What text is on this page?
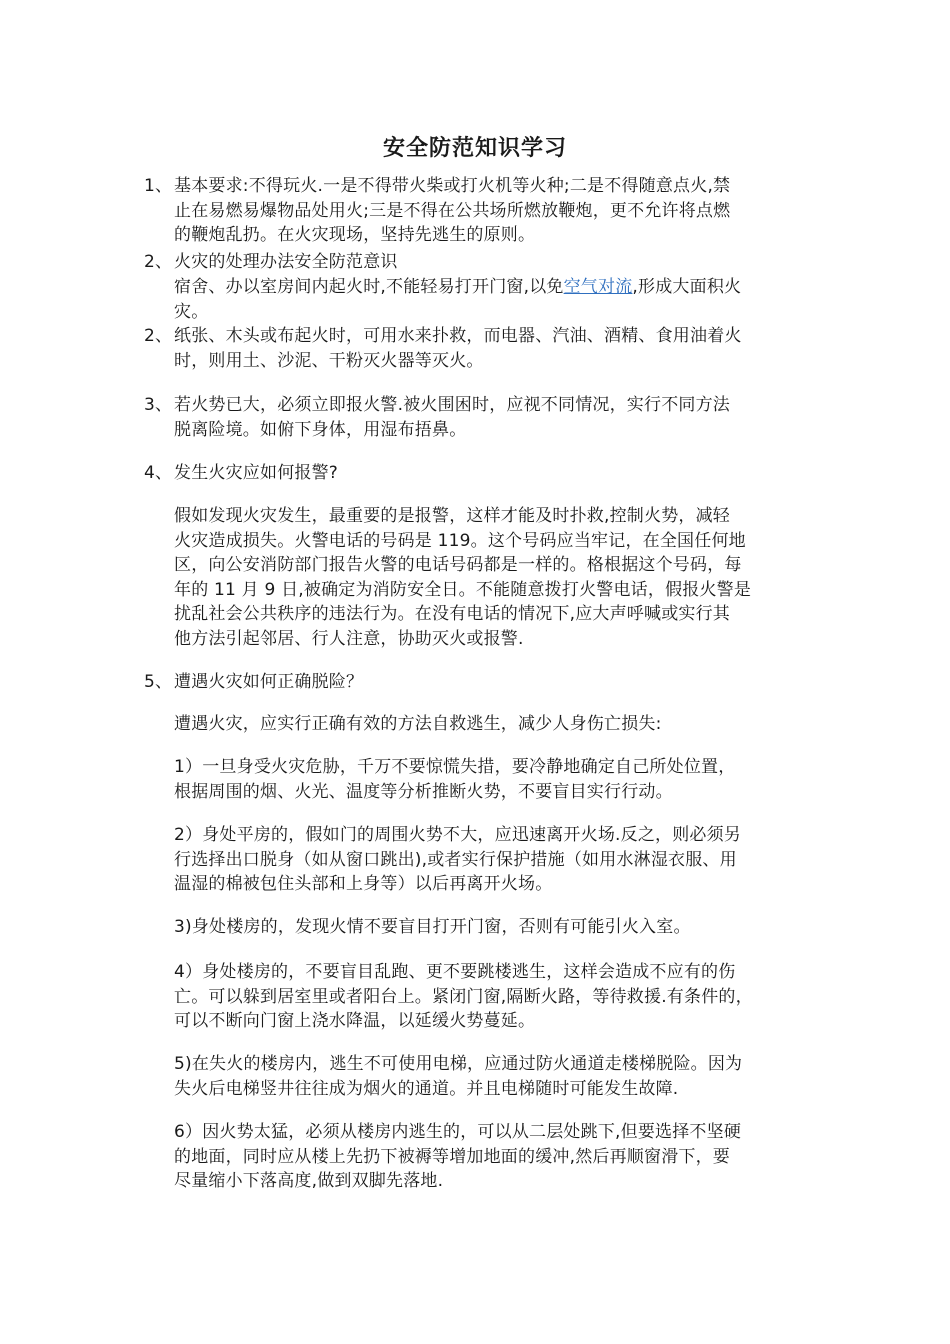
安全防范知识学习
1、 基本要求:不得玩火.一是不得带火柴或打火机等火种;二是不得随意点火,禁
止在易燃易爆物品处用火;三是不得在公共场所燃放鞭炮，更不允许将点燃
的鞭炮乱扔。在火灾现场，坚持先逃生的原则。
2、 火灾的处理办法安全防范意识
宿舍、办以室房间内起火时,不能轻易打开门窗,以免空气对流,形成大面积火
灾。
2、 纸张、木头或布起火时，可用水来扑救，而电器、汽油、酒精、食用油着火
时，则用土、沙泥、干粉灭火器等灭火。
3、 若火势已大，必须立即报火警.被火围困时，应视不同情况，实行不同方法
脱离险境。如俯下身体，用湿布捂鼻。
4、 发生火灾应如何报警?
假如发现火灾发生，最重要的是报警，这样才能及时扑救,控制火势，减轻
火灾造成损失。火警电话的号码是 119。这个号码应当牢记，在全国任何地
区，向公安消防部门报告火警的电话号码都是一样的。格根据这个号码，每
年的 11 月 9 日,被确定为消防安全日。不能随意拨打火警电话，假报火警是
扰乱社会公共秩序的违法行为。在没有电话的情况下,应大声呼喊或实行其
他方法引起邻居、行人注意，协助灭火或报警.
5、 遭遇火灾如何正确脱险？
遭遇火灾，应实行正确有效的方法自救逃生，减少人身伤亡损失:
1）一旦身受火灾危胁，千万不要惊慌失措，要冷静地确定自己所处位置，
根据周围的烟、火光、温度等分析推断火势，不要盲目实行行动。
2）身处平房的，假如门的周围火势不大，应迅速离开火场.反之，则必须另
行选择出口脱身（如从窗口跳出),或者实行保护措施（如用水淋湿衣服、用
温湿的棉被包住头部和上身等）以后再离开火场。
3)身处楼房的，发现火情不要盲目打开门窗，否则有可能引火入室。
4）身处楼房的，不要盲目乱跑、更不要跳楼逃生，这样会造成不应有的伤
亡。可以躲到居室里或者阳台上。紧闭门窗,隔断火路，等待救援.有条件的，
可以不断向门窗上浇水降温，以延缓火势蔓延。
5)在失火的楼房内，逃生不可使用电梯，应通过防火通道走楼梯脱险。因为
失火后电梯竖井往往成为烟火的通道。并且电梯随时可能发生故障.
6）因火势太猛，必须从楼房内逃生的，可以从二层处跳下,但要选择不坚硬
的地面，同时应从楼上先扔下被褥等增加地面的缓冲,然后再顺窗滑下，要
尽量缩小下落高度,做到双脚先落地.
